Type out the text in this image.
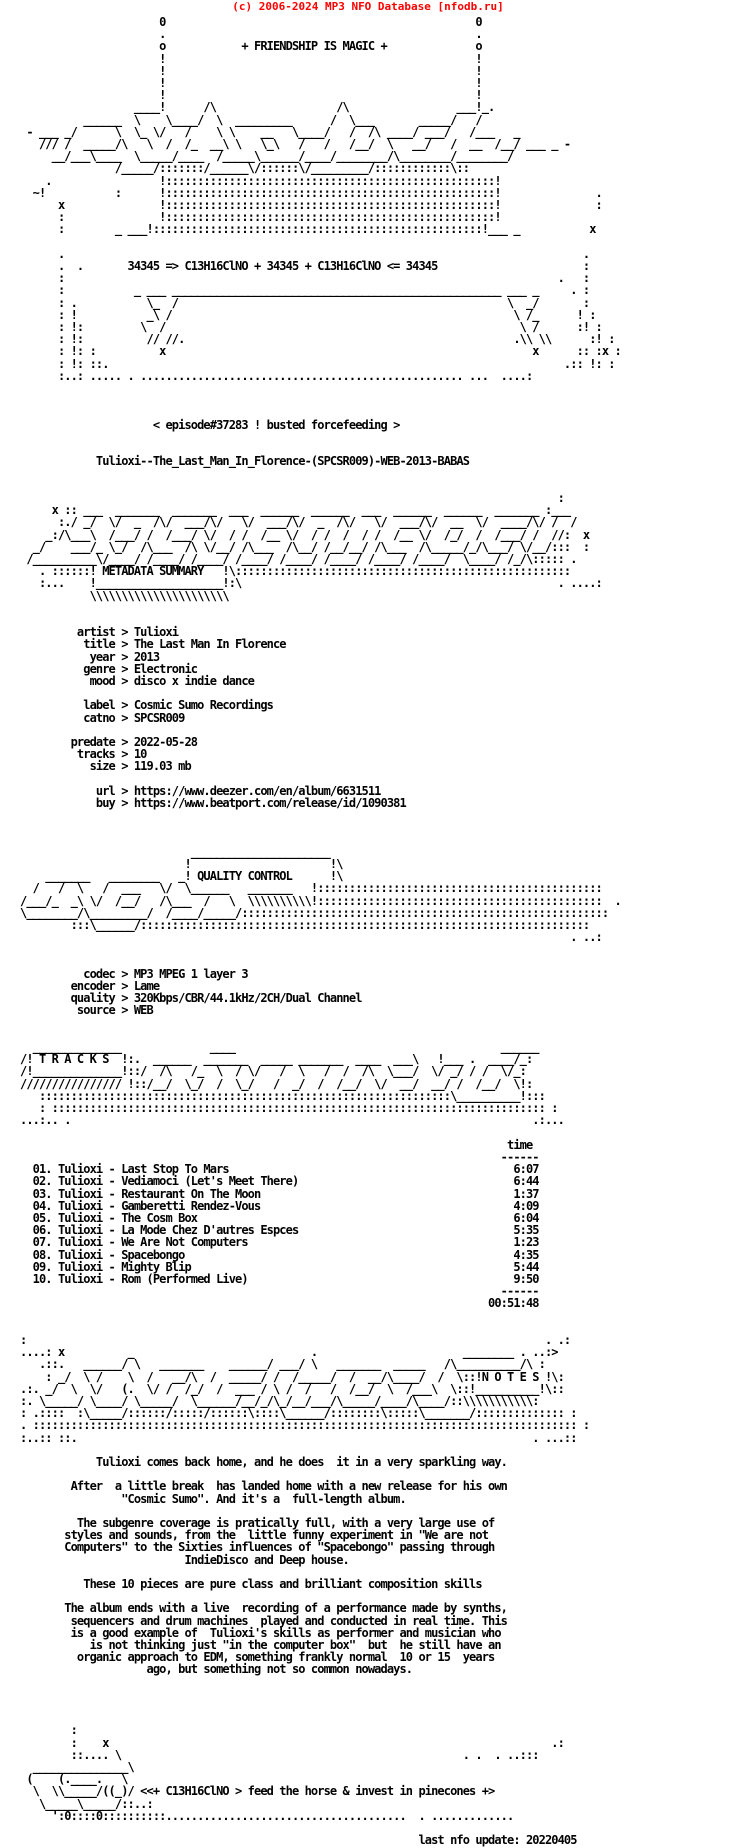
(c) 2006-2024 MP3 NFO Database [nfodb.ru]
0                                                 0
.                                                 .
o            + FRIENDSHIP IS MAGIC +              o
!                                                 !
!                                                 !
!                                                 !
!                                                 !
____!      /\                   /\                 ___!_.
______  \    \____/  \  _________      /  \___       _____/   /
- ___ _/      \  \_ \/   /    \ \    __   \____/   /  /\ ____/ ___/   /___   _
/// /  _____/\   \  /  /_  __\ \   \_\   /   /   /__/  \   __/   /  __  /__/ ___ _ -
__/___\____  \_____/____  /_____\______/____/________/\________/________/
/_____/:::::::/______\/::::::\/_________/::::::::::::\::
.                 !::::::::::::::::::::::::::::::::::::::::::::::::::::!
~!           :      !::::::::::::::::::::::::::::::::::::::::::::::::::::!               .
x               !::::::::::::::::::::::::::::::::::::::::::::::::::::!               :
:               !::::::::::::::::::::::::::::::::::::::::::::::::::::!
:        _ ___!::::::::::::::::::::::::::::::::::::::::::::::::::::!___ _           x

.                                                                                  .
.  .       34345 => C13H16ClNO + 34345 + C13H16ClNO <= 34345                       :
:                                                                              .   :
:           _ ___ ____________________________________________________ ___ _     . :
: .           \_  /                                                    \  _/       :
: !           _\ /                                                      \ /_      ! :
: !:         \  /                                                        \ /      :! :
: !:          // //.                                                    .\\ \\      :! :
: !: :          x                                                          x      :: :x :
: !: ::.                                                                        .:: !: :
:..: ..... . ................................................... ...  ....:

< episode#37283 ! busted forcefeeding >

Tulioxi--The_Last_Man_In_Florence-(SPCSR009)-WEB-2013-BABAS

:
x :: ___  _______  _______  ___  ______  ______  ___  ______  ______  _______ :___
:./ _/  \/  _  /\/  ___/\/   \/  ___/\/  _  /\/   \/  ___/\/  __  \/  ____/\/ /  /
_:/\___\  /___/ /  /___/ \/  / /  /__ \/  / /  /  / /  /__ \/  /_/  /  /___/ /  //:  x
_/    ___/_ \_/  /\___  /\ \/__/ /\___  /\__/ /__/__/ /\___  /\_____/_/\___/ \/__/:::  :
/__________\/____/ /____/ /____/ /____/ /____/ /____/ /____/ /____/  \____/ /_/\::::: .
. ::::::! METADATA SUMMARY   !\:::::::::::::::::::::::::::::::::::::::::::::::::::::
:...    !____________________!:\                                                  . ....:
\\\\\\\\\\\\\\\\\\\\\\

artist > Tulioxi
title > The Last Man In Florence
year > 2013
genre > Electronic
mood > disco x indie dance

label > Cosmic Sumo Recordings
catno > SPCSR009

predate > 2022-05-28
tracks > 10
size > 119.03 mb

url > https://www.deezer.com/en/album/6631511
buy > https://www.beatport.com/release/id/1090381

______________________
!                      !\
_______   ________   _! QUALITY CONTROL      !\
/   /  \   /  ___   \/  \______   _______   !:::::::::::::::::::::::::::::::::::::::::::::
/___/_  _\ \/  /__/   /\___  /   \  \\\\\\\\\\!:::::::::::::::::::::::::::::::::::::::::::::  .
\________/\_________/  /____/_____/::::::::::::::::::::::::::::::::::::::::::::::::::::::::::
:::\______/:::::::::::::::::::::::::::::::::::::::::::::::::::::::::::::::::::::::
. ..:

codec > MP3 MPEG 1 layer 3
encoder > Lame
quality > 320Kbps/CBR/44.1kHz/2CH/Dual Channel
source > WEB

______________              ____                                          ______
/! T R A C K S  !:.  ______  _______  _____ _______  ____  ___\   !___ .  ____/_:
/!______________!::/  /\   /_  \  / \/   /  \   /  /  /\  \___/  \/ _/ / /  \/_:
//////////////// !::/__/  \_/  /  \_/   /  _/  /  /__/  \/  __/  __/ /  /__/  \!:
:::::::::::::::::::::::::::::::::::::::::::::::::::::::::::::::::\__________!:::
: :::::::::::::::::::::::::::::::::::::::::::::::::::::::::::::::::::::::::::::: :
...:.. .                                                                         .:...

time
------
01. Tulioxi - Last Stop To Mars                                             6:07
02. Tulioxi - Vediamoci (Let's Meet There)                                  6:44
03. Tulioxi - Restaurant On The Moon                                        1:37
04. Tulioxi - Gamberetti Rendez-Vous                                        4:09
05. Tulioxi - The Cosm Box                                                  6:04
06. Tulioxi - La Mode Chez D'autres Espces                                  5:35
07. Tulioxi - We Are Not Computers                                          1:23
08. Tulioxi - Spacebongo                                                    4:35
09. Tulioxi - Mighty Blip                                                   5:44
10. Tulioxi - Rom (Performed Live)                                          9:50
------
00:51:48

:                                                                                  . .:
....: x          _                            .                       ________ . ..:>
.::.   ______/ \   _______    ______/ ___/ \   _______  _____   /\__________/\ :
: _/  \ /    \  /   __/\  /  _____/ /  /_____/  /  __/\____/  /  \::!N O T E S !\:
.:. _/  \  \/   (.  \/ /  /_/  /  ___ / \ /  /   /  /__/  \  /___\  \::!__________!\::
:. \_____/ \____/ \_____/  \______/__/_/\_/__/___/\_____/____/\____/::\\\\\\\\\\\:
: .::::  :\_____/::::::/:::::/::::::\::::\______/::::::::\:::::\_______/:::::::::::::: :
. :::::::::::::::::::::::::::::::::::::::::::::::::::::::::::::::::::::::::::::::::::::: :
:..:: ::.                                                                        . ...::

Tulioxi comes back home, and he does  it in a very sparkling way.

After  a little break  has landed home with a new release for his own
"Cosmic Sumo". And it's a  full-length album.

The subgenre coverage is pratically full, with a very large use of
styles and sounds, from the  little funny experiment in "We are not
Computers" to the Sixties influences of "Spacebongo" passing through
IndieDisco and Deep house.

These 10 pieces are pure class and brilliant composition skills

The album ends with a live  recording of a performance made by synths,
sequencers and drum machines  played and conducted in real time. This
is a good example of  Tulioxi's skills as performer and musician who
is not thinking just "in the computer box"  but  he still have an
organic approach to EDM, something frankly normal  10 or 15  years
ago, but something not so common nowadays.

:
:    x                                                                      .:
::.... \                                                      . .  . ..:::
_______________\
(    (.____.   \
\  \\_____/((_)/ <<+ C13H16ClNO > feed the horse & invest in pinecones +>
\_____\_____/::..:
':0::::0::::::::::......................................  . .............

last nfo update: 20220405
